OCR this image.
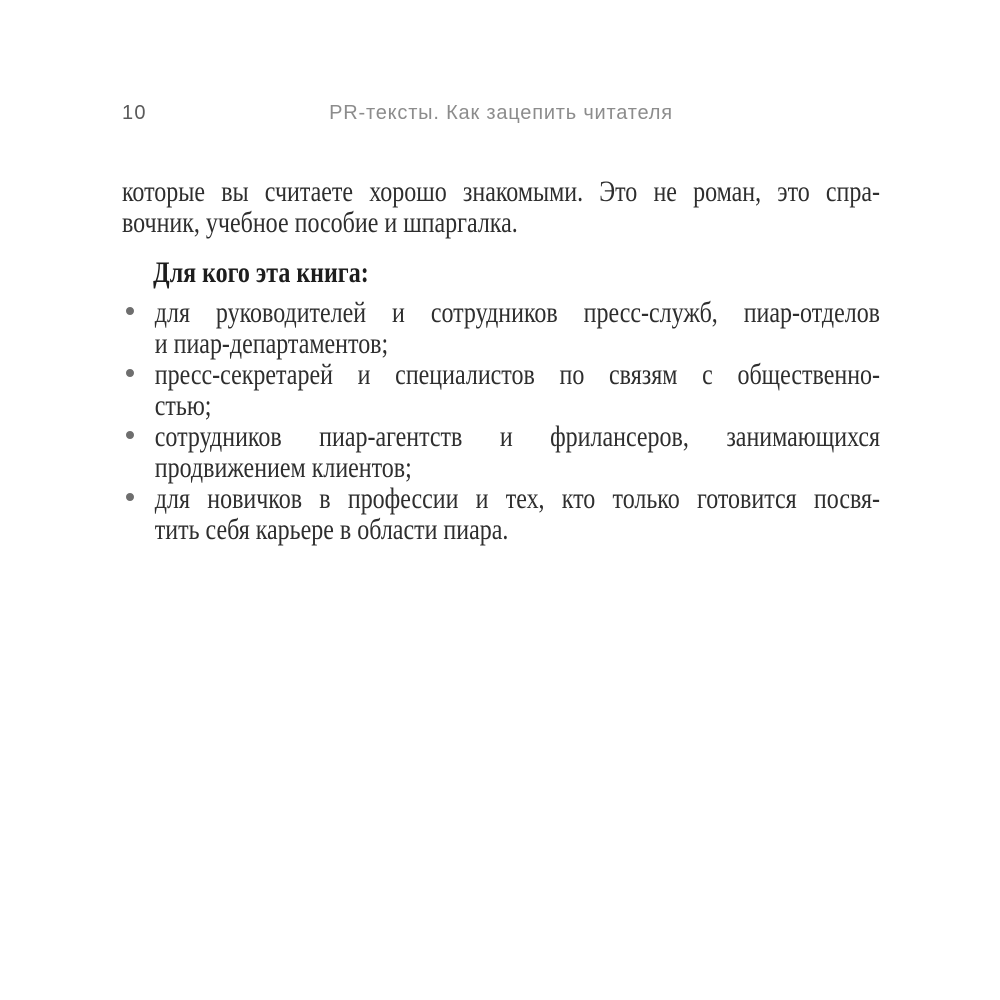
10	PR-тексты. Как зацепить читателя

которые вы считаете хорошо знакомыми. Это не роман, это спра-
вочник, учебное пособие и шпаргалка.

Для кого эта книга:
для руководителей и сотрудников пресс-служб, пиар-отделов
и пиар-департаментов;
пресс-секретарей и специалистов по связям с общественно-
стью;
сотрудников пиар-агентств и фрилансеров, занимающихся
продвижением клиентов;
для новичков в профессии и тех, кто только готовится посвя-
тить себя карьере в области пиара.
